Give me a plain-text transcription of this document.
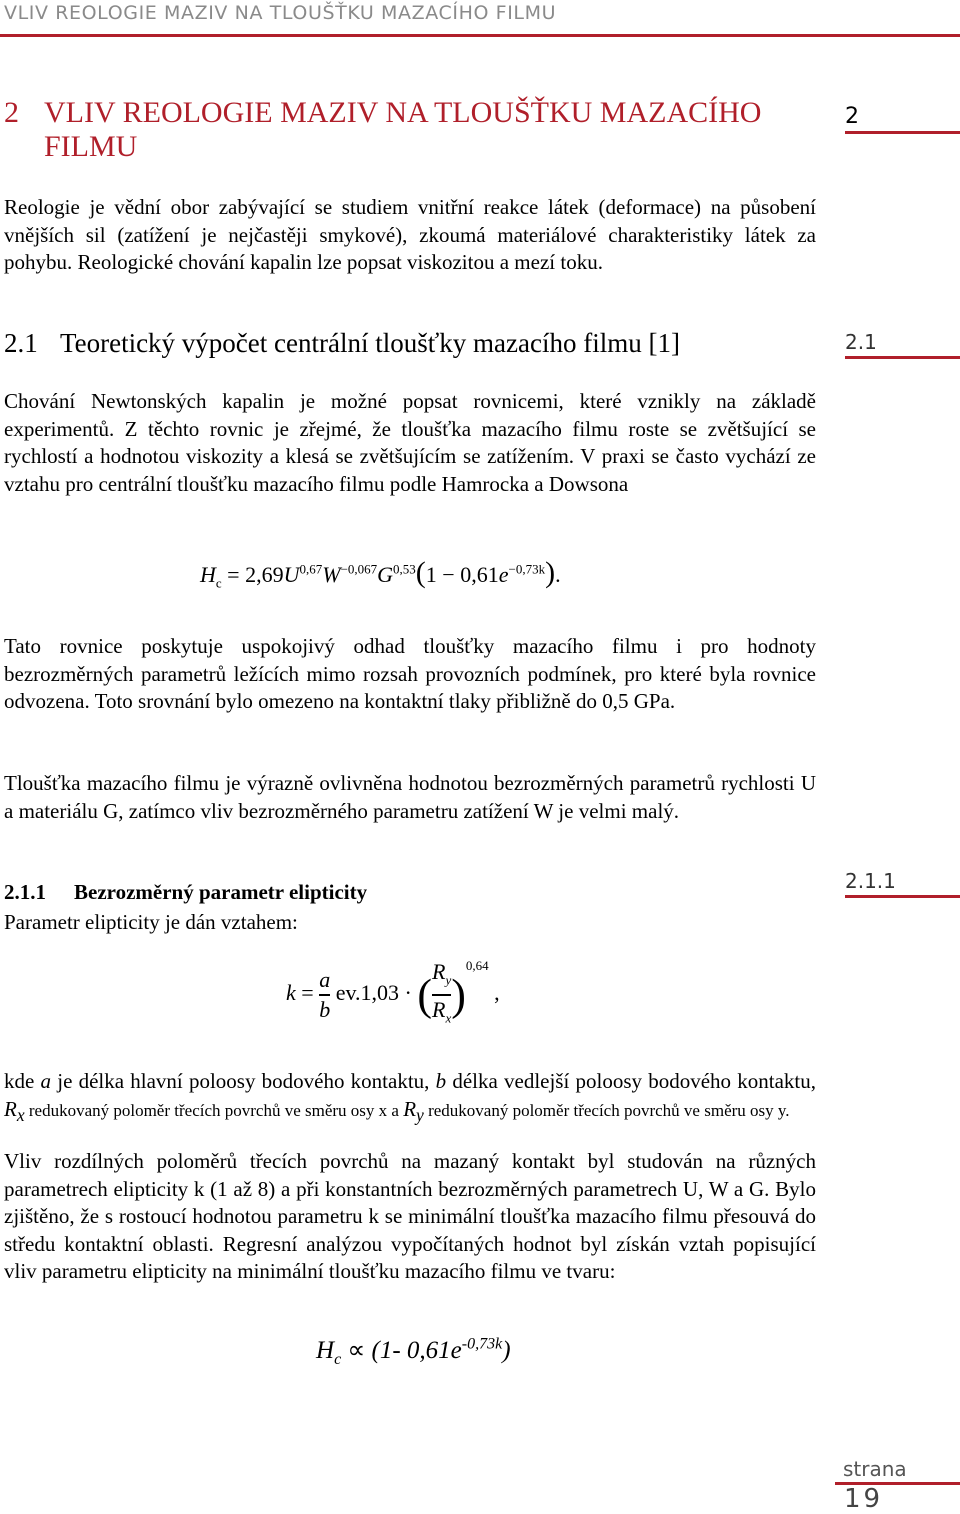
VLIV REOLOGIE MAZIV NA TLOUŠŤKU MAZACÍHO FILMU
2 VLIV REOLOGIE MAZIV NA TLOUŠŤKU MAZACÍHO
FILMU
2

Reologie je vědní obor zabývající se studiem vnitřní reakce látek (deformace) na působení vnějších sil (zatížení je nejčastěji smykové), zkoumá materiálové charakteristiky látek za pohybu. Reologické chování kapalin lze popsat viskozitou a mezí toku.

2.1 Teoretický výpočet centrální tloušťky mazacího filmu [1]	2.1

Chování Newtonských kapalin je možné popsat rovnicemi, které vznikly na základě experimentů. Z těchto rovnic je zřejmé, že tloušťka mazacího filmu roste se zvětšující se rychlostí a hodnotou viskozity a klesá se zvětšujícím se zatížením. V praxi se často vychází ze vztahu pro centrální tloušťku mazacího filmu podle Hamrocka a Dowsona

$H_c = 2,69U^{0,67}W^{-0,067}G^{0,53}(1 - 0,61e^{-0,73k})$.

Tato rovnice poskytuje uspokojivý odhad tloušťky mazacího filmu i pro hodnoty bezrozměrných parametrů ležících mimo rozsah provozních podmínek, pro které byla rovnice odvozena. Toto srovnání bylo omezeno na kontaktní tlaky přibližně do 0,5 GPa.

Tloušťka mazacího filmu je výrazně ovlivněna hodnotou bezrozměrných parametrů rychlosti U a materiálu G, zatímco vliv bezrozměrného parametru zatížení W je velmi malý.

2.1.1 Bezrozměrný parametr elipticity	2.1.1

Parametr elipticity je dán vztahem:

$k = \frac{a}{b} ev.1,03$ · ( $\frac{R_y}{R_x} )^{0,64}$ ,

kde a je délka hlavní poloosy bodového kontaktu, b délka vedlejší poloosy bodového kontaktu, $R_x$ redukovaný poloměr třecích povrchů ve směru osy x a $R_y$ redukovaný poloměr třecích povrchů ve směru osy y.

Vliv rozdílných poloměrů třecích povrchů na mazaný kontakt byl studován na různých parametrech elipticity k (1 až 8) a při konstantních bezrozměrných parametrech U, W a G. Bylo zjištěno, že s rostoucí hodnotou parametru k se minimální tloušťka mazacího filmu přesouvá do středu kontaktní oblasti. Regresní analýzou vypočítaných hodnot byl získán vztah popisující vliv parametru elipticity na minimální tloušťku mazacího filmu ve tvaru:

$H_c \propto (1-$ $0,61e^{-0,73k}$)
strana
19
